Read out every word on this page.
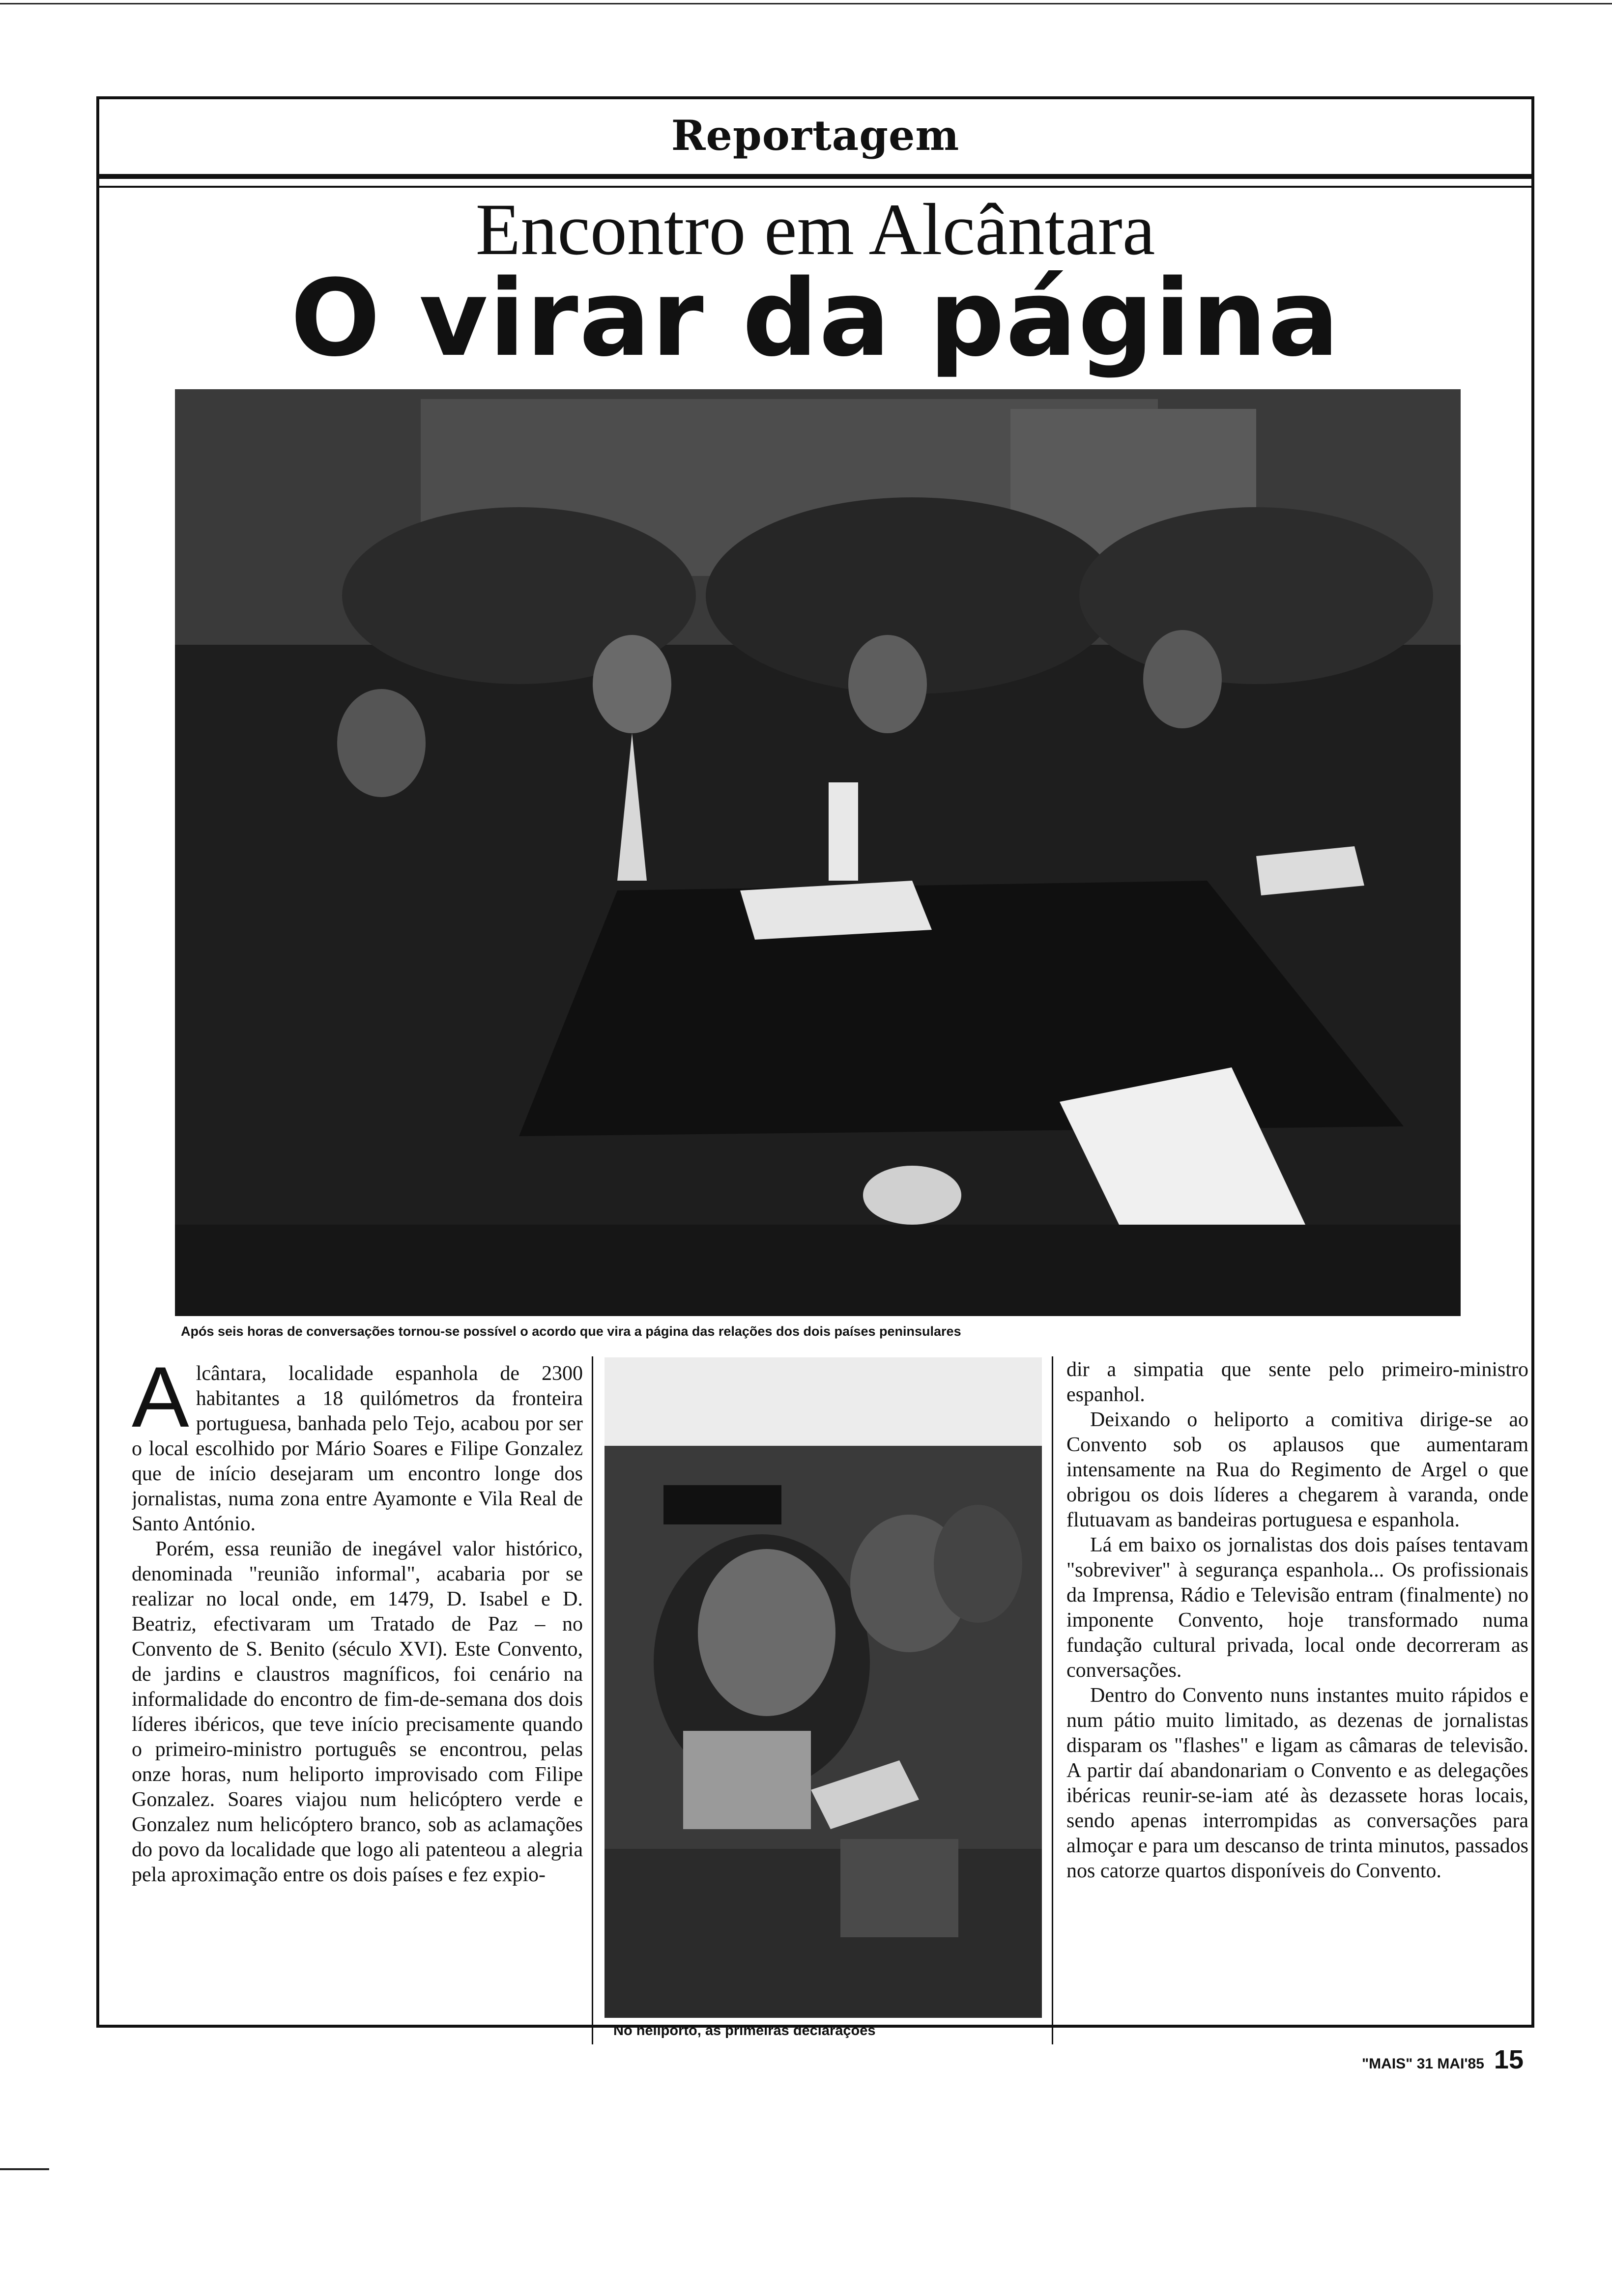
Reportagem
Encontro em Alcântara
O virar da página
Após seis horas de conversações tornou-se possível o acordo que vira a página das relações dos dois países peninsulares

Alcântara, localidade espanhola de 2300 habitantes a 18 quilómetros da fronteira portuguesa, banhada pelo Tejo, acabou por ser o local escolhido por Mário Soares e Filipe Gonzalez que de início desejaram um encontro longe dos jornalistas, numa zona entre Ayamonte e Vila Real de Santo António.

Porém, essa reunião de inegável valor histórico, denominada "reunião informal", acabaria por se realizar no local onde, em 1479, D. Isabel e D. Beatriz, efectivaram um Tratado de Paz – no Convento de S. Benito (século XVI). Este Convento, de jardins e claustros magníficos, foi cenário na informalidade do encontro de fim-de-semana dos dois líderes ibéricos, que teve início precisamente quando o primeiro-ministro português se encontrou, pelas onze horas, num heliporto improvisado com Filipe Gonzalez. Soares viajou num helicóptero verde e Gonzalez num helicóptero branco, sob as aclamações do povo da localidade que logo ali patenteou a alegria pela aproximação entre os dois países e fez expio-

No heliporto, as primeiras declarações

dir a simpatia que sente pelo primeiro-ministro espanhol.

Deixando o heliporto a comitiva dirige-se ao Convento sob os aplausos que aumentaram intensamente na Rua do Regimento de Argel o que obrigou os dois líderes a chegarem à varanda, onde flutuavam as bandeiras portuguesa e espanhola.

Lá em baixo os jornalistas dos dois países tentavam "sobreviver" à segurança espanhola... Os profissionais da Imprensa, Rádio e Televisão entram (finalmente) no imponente Convento, hoje transformado numa fundação cultural privada, local onde decorreram as conversações.

Dentro do Convento nuns instantes muito rápidos e num pátio muito limitado, as dezenas de jornalistas disparam os "flashes" e ligam as câmaras de televisão. A partir daí abandonariam o Convento e as delegações ibéricas reunir-se-iam até às dezassete horas locais, sendo apenas interrompidas as conversações para almoçar e para um descanso de trinta minutos, passados nos catorze quartos disponíveis do Convento.

"MAIS" 31 MAI'85 15
